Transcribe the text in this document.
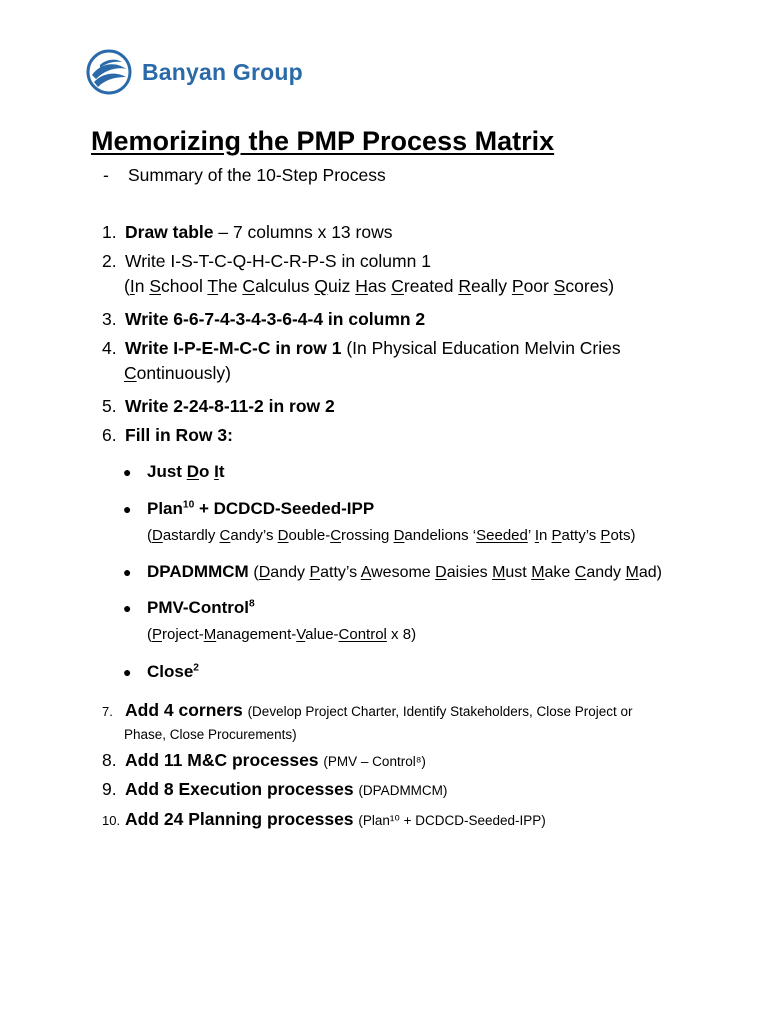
Banyan Group
Memorizing the PMP Process Matrix
- Summary of the 10-Step Process
1. Draw table – 7 columns x 13 rows
2. Write I-S-T-C-Q-H-C-R-P-S in column 1
(In School The Calculus Quiz Has Created Really Poor Scores)
3. Write 6-6-7-4-3-4-3-6-4-4 in column 2
4. Write I-P-E-M-C-C in row 1 (In Physical Education Melvin Cries
Continuously)
5. Write 2-24-8-11-2 in row 2
6. Fill in Row 3:
● Just Do It
● Plan$^{10}$ + DCDCD-Seeded-IPP
(Dastardly Candy’s Double-Crossing Dandelions ‘Seeded’ In Patty’s Pots)
● DPADMMCM (Dandy Patty’s Awesome Daisies Must Make Candy Mad)
● PMV-Control$^8$
(Project-Management-Value-Control x 8)
● Close$^2$
7. Add 4 corners (Develop Project Charter, Identify Stakeholders, Close Project or
Phase, Close Procurements)
8. Add 11 M&C processes (PMV – Control⁸)
9. Add 8 Execution processes (DPADMMCM)
10. Add 24 Planning processes (Plan¹⁰ + DCDCD-Seeded-IPP)
